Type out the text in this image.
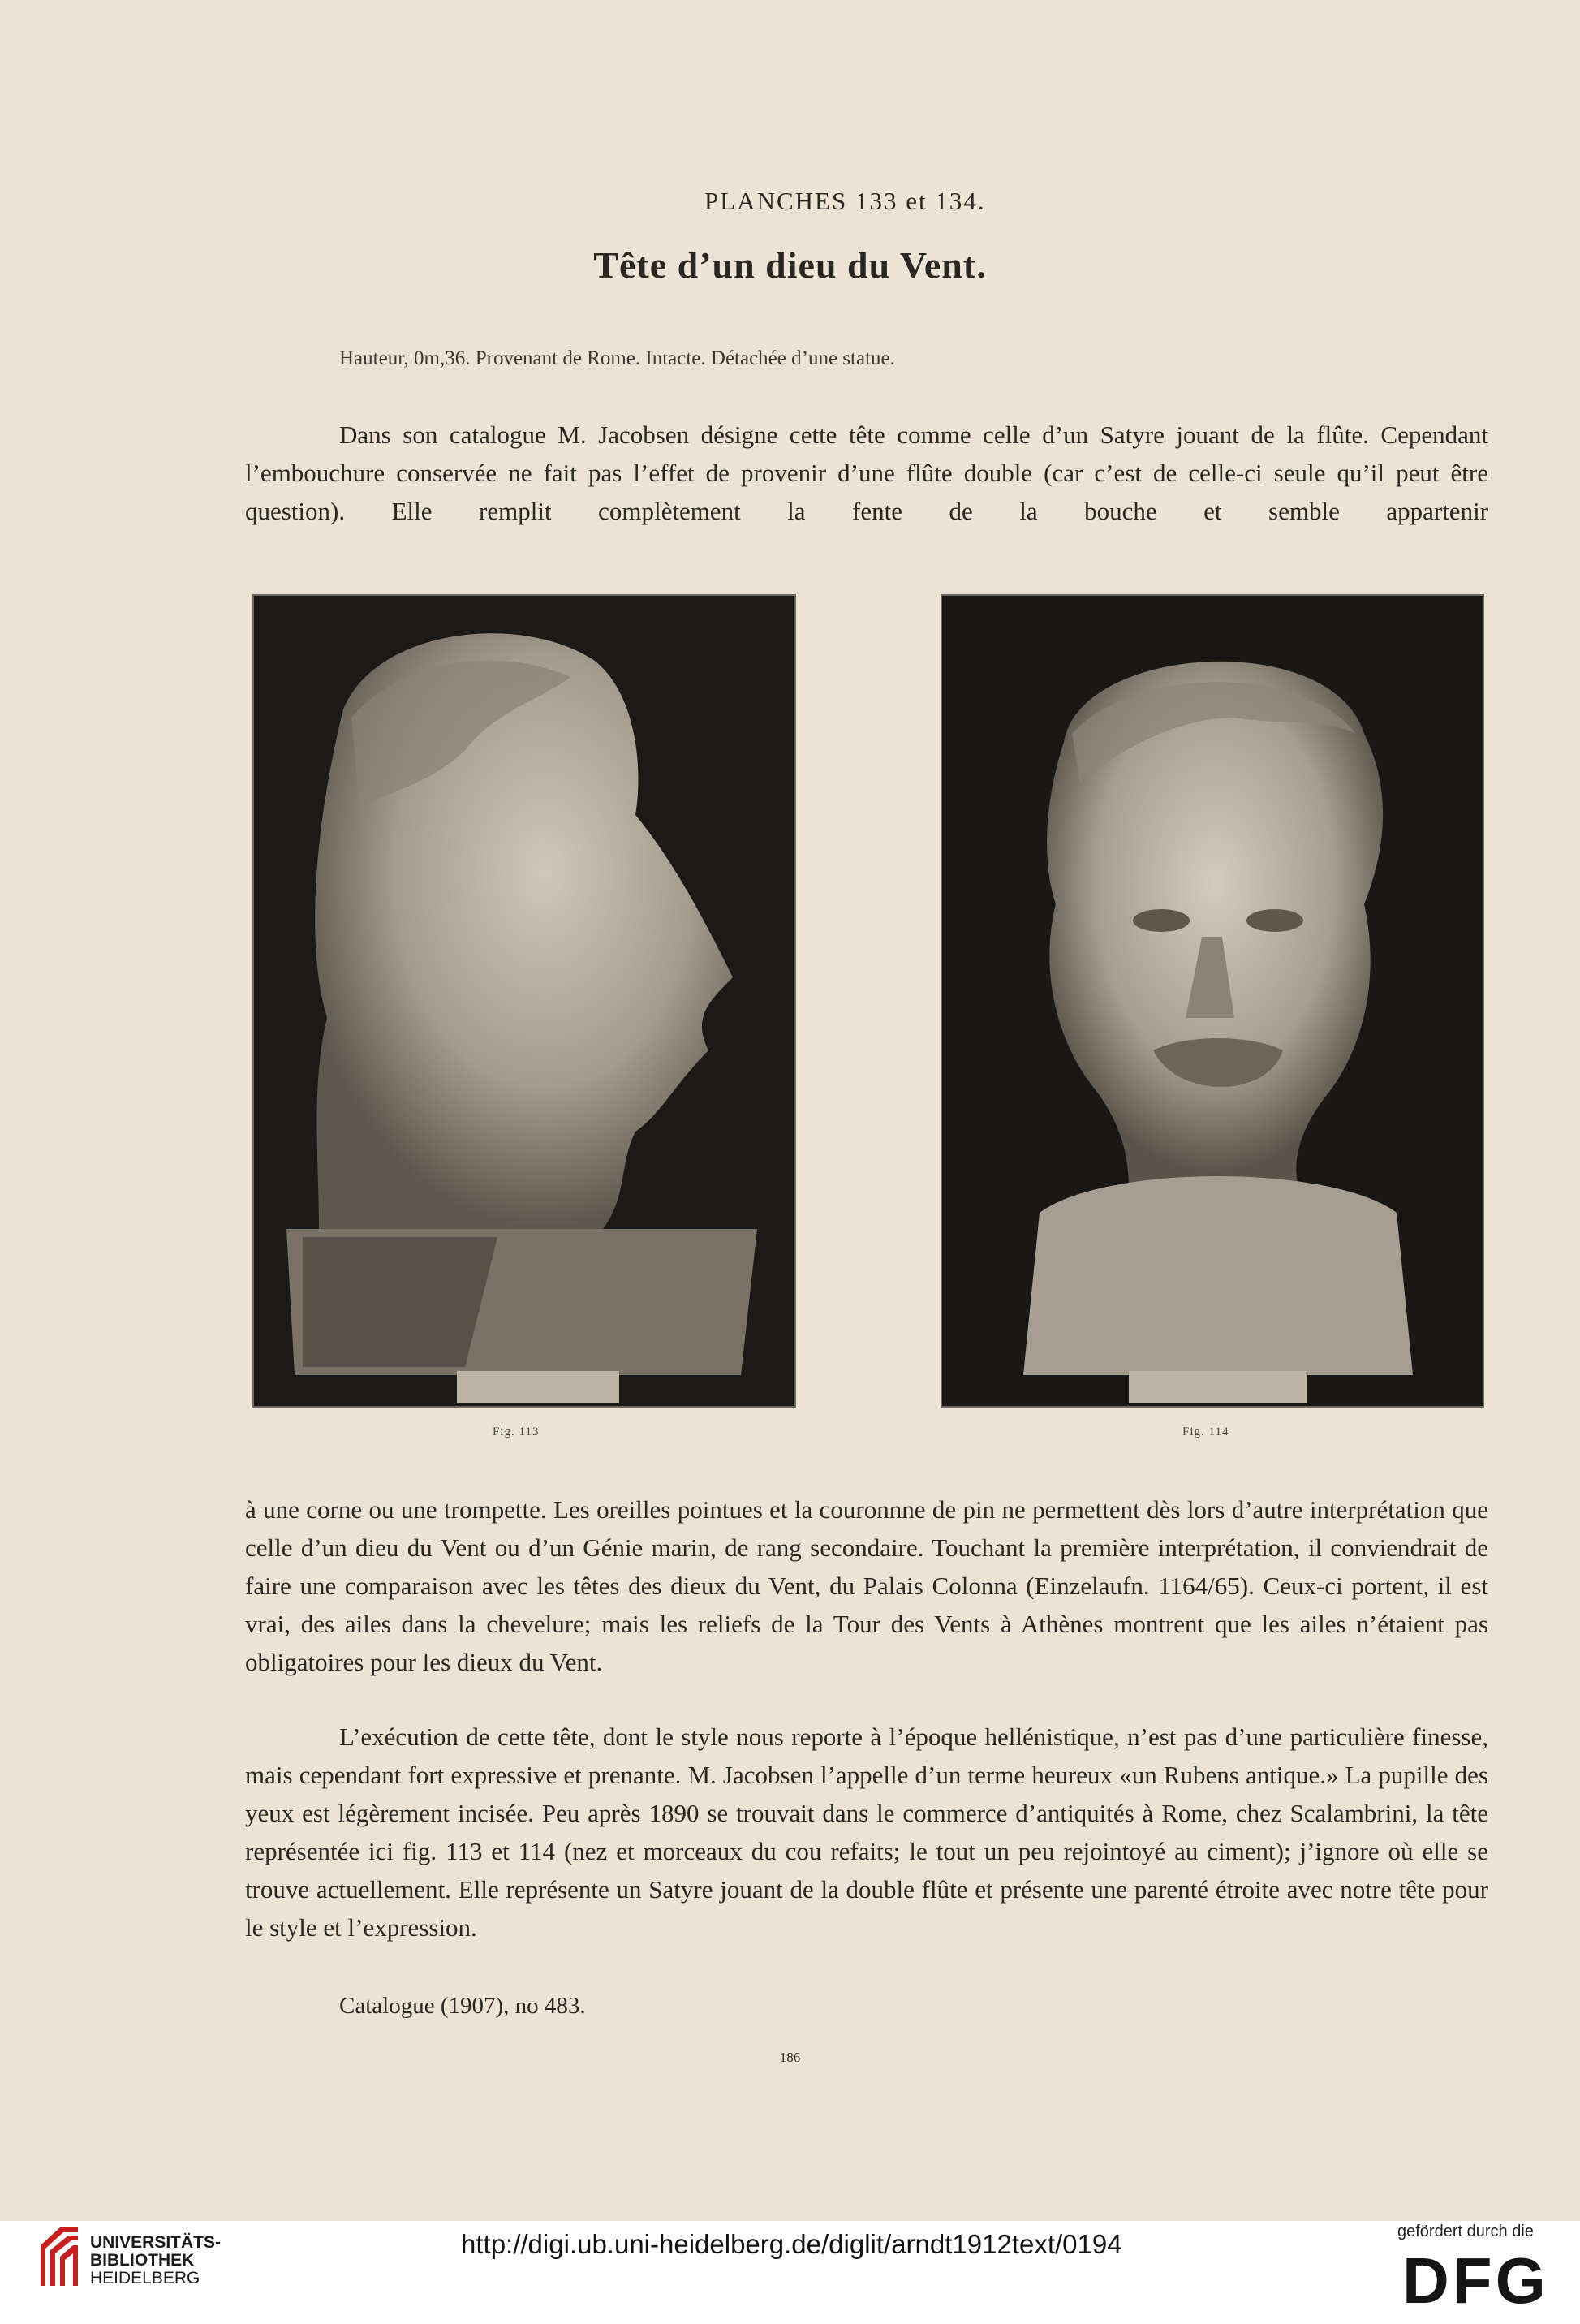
PLANCHES 133 et 134.
Tête d’un dieu du Vent.
Hauteur, 0m,36. Provenant de Rome. Intacte. Détachée d’une statue.
Dans son catalogue M. Jacobsen désigne cette tête comme celle d’un Satyre jouant de la flûte. Cependant l’embouchure conservée ne fait pas l’effet de provenir d’une flûte double (car c’est de celle-ci seule qu’il peut être question). Elle remplit complètement la fente de la bouche et semble appartenir
Fig. 113	Fig. 114
à une corne ou une trompette. Les oreilles pointues et la couronnne de pin ne permettent dès lors d’autre interprétation que celle d’un dieu du Vent ou d’un Génie marin, de rang secondaire. Touchant la première interprétation, il conviendrait de faire une comparaison avec les têtes des dieux du Vent, du Palais Colonna (Einzelaufn. 1164/65). Ceux-ci portent, il est vrai, des ailes dans la chevelure; mais les reliefs de la Tour des Vents à Athènes montrent que les ailes n’étaient pas obligatoires pour les dieux du Vent.
L’exécution de cette tête, dont le style nous reporte à l’époque hellénistique, n’est pas d’une particulière finesse, mais cependant fort expressive et prenante. M. Jacobsen l’appelle d’un terme heureux «un Rubens antique.» La pupille des yeux est légèrement incisée. Peu après 1890 se trouvait dans le commerce d’antiquités à Rome, chez Scalambrini, la tête représentée ici fig. 113 et 114 (nez et morceaux du cou refaits; le tout un peu rejointoyé au ciment); j’ignore où elle se trouve actuellement. Elle représente un Satyre jouant de la double flûte et présente une parenté étroite avec notre tête pour le style et l’expression.
Catalogue (1907), no 483.
186
UNIVERSITÄTS-
BIBLIOTHEK
HEIDELBERG
http://digi.ub.uni-heidelberg.de/diglit/arndt1912text/0194	gefördert durch die
DFG
